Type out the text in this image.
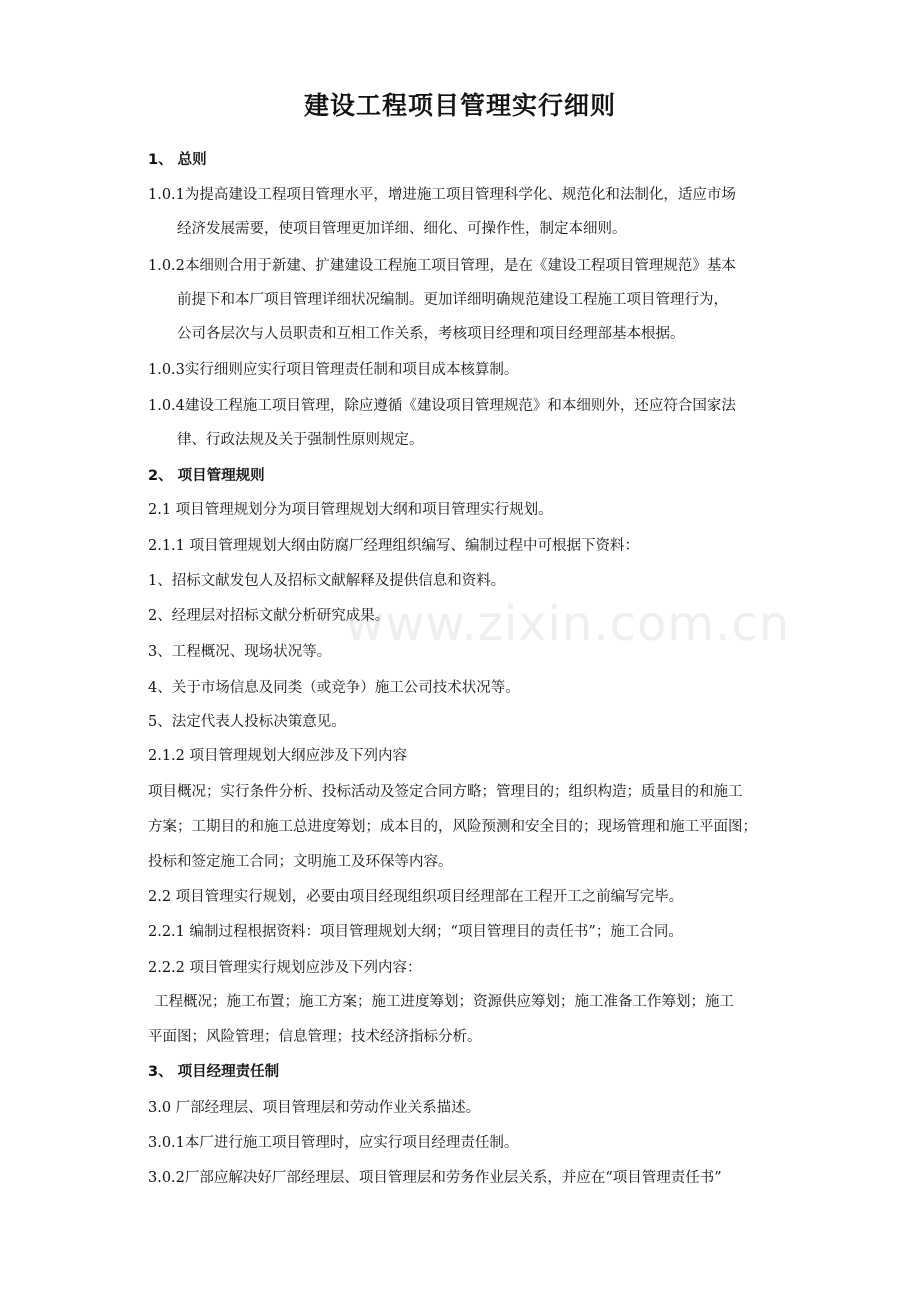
建设工程项目管理实行细则
1、 总则
1.0.1为提高建设工程项目管理水平，增进施工项目管理科学化、规范化和法制化，适应市场
经济发展需要，使项目管理更加详细、细化、可操作性，制定本细则。
1.0.2本细则合用于新建、扩建建设工程施工项目管理，是在《建设工程项目管理规范》基本
前提下和本厂项目管理详细状况编制。更加详细明确规范建设工程施工项目管理行为，
公司各层次与人员职责和互相工作关系，考核项目经理和项目经理部基本根据。
1.0.3实行细则应实行项目管理责任制和项目成本核算制。
1.0.4建设工程施工项目管理，除应遵循《建设项目管理规范》和本细则外，还应符合国家法
律、行政法规及关于强制性原则规定。
2、 项目管理规则
2.1 项目管理规划分为项目管理规划大纲和项目管理实行规划。
2.1.1 项目管理规划大纲由防腐厂经理组织编写、编制过程中可根据下资料：
1、招标文献发包人及招标文献解释及提供信息和资料。
2、经理层对招标文献分析研究成果。
3、工程概况、现场状况等。
4、关于市场信息及同类（或竞争）施工公司技术状况等。
5、法定代表人投标决策意见。
2.1.2 项目管理规划大纲应涉及下列内容
项目概况；实行条件分析、投标活动及签定合同方略；管理目的；组织构造；质量目的和施工
方案；工期目的和施工总进度筹划；成本目的，风险预测和安全目的；现场管理和施工平面图；
投标和签定施工合同；文明施工及环保等内容。
2.2 项目管理实行规划，必要由项目经现组织项目经理部在工程开工之前编写完毕。
2.2.1 编制过程根据资料：项目管理规划大纲；“项目管理目的责任书”；施工合同。
2.2.2 项目管理实行规划应涉及下列内容：
工程概况；施工布置；施工方案；施工进度筹划；资源供应筹划；施工准备工作筹划；施工
平面图；风险管理；信息管理；技术经济指标分析。
3、 项目经理责任制
3.0 厂部经理层、项目管理层和劳动作业关系描述。
3.0.1本厂进行施工项目管理时，应实行项目经理责任制。
3.0.2厂部应解决好厂部经理层、项目管理层和劳务作业层关系，并应在“项目管理责任书”
www.zixin.com.cn
